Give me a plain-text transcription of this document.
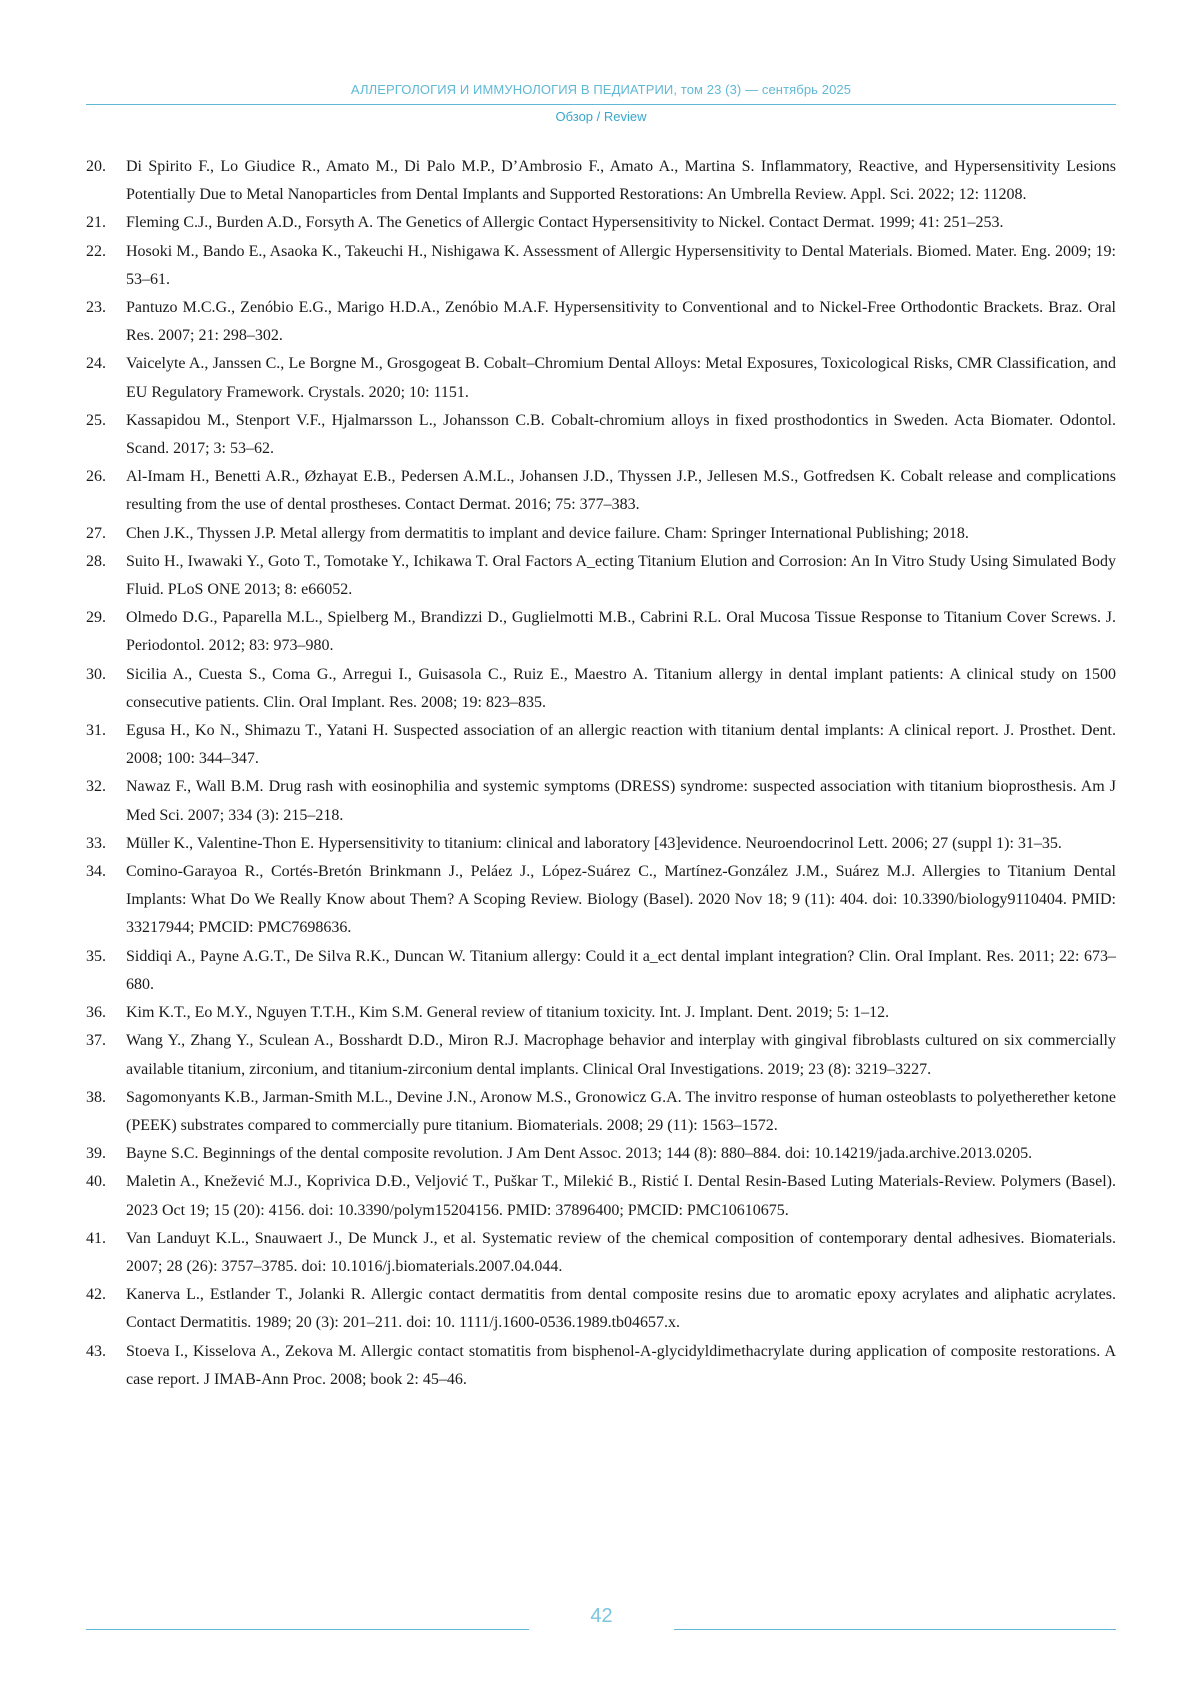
АЛЛЕРГОЛОГИЯ И ИММУНОЛОГИЯ В ПЕДИАТРИИ, том 23 (3) — сентябрь 2025
Обзор / Review
20.	Di Spirito F., Lo Giudice R., Amato M., Di Palo M.P., D’Ambrosio F., Amato A., Martina S. Inflammatory, Reactive, and Hypersensitivity Lesions Potentially Due to Metal Nanoparticles from Dental Implants and Supported Restorations: An Umbrella Review. Appl. Sci. 2022; 12: 11208.
21.	Fleming C.J., Burden A.D., Forsyth A. The Genetics of Allergic Contact Hypersensitivity to Nickel. Contact Dermat. 1999; 41: 251–253.
22.	Hosoki M., Bando E., Asaoka K., Takeuchi H., Nishigawa K. Assessment of Allergic Hypersensitivity to Dental Materials. Biomed. Mater. Eng. 2009; 19: 53–61.
23.	Pantuzo M.C.G., Zenóbio E.G., Marigo H.D.A., Zenóbio M.A.F. Hypersensitivity to Conventional and to Nickel-Free Orthodontic Brackets. Braz. Oral Res. 2007; 21: 298–302.
24.	Vaicelyte A., Janssen C., Le Borgne M., Grosgogeat B. Cobalt–Chromium Dental Alloys: Metal Exposures, Toxicological Risks, CMR Classification, and EU Regulatory Framework. Crystals. 2020; 10: 1151.
25.	Kassapidou M., Stenport V.F., Hjalmarsson L., Johansson C.B. Cobalt-chromium alloys in fixed prosthodontics in Sweden. Acta Biomater. Odontol. Scand. 2017; 3: 53–62.
26.	Al-Imam H., Benetti A.R., Øzhayat E.B., Pedersen A.M.L., Johansen J.D., Thyssen J.P., Jellesen M.S., Gotfredsen K. Cobalt release and complications resulting from the use of dental prostheses. Contact Dermat. 2016; 75: 377–383.
27.	Chen J.K., Thyssen J.P. Metal allergy from dermatitis to implant and device failure. Cham: Springer International Publishing; 2018.
28.	Suito H., Iwawaki Y., Goto T., Tomotake Y., Ichikawa T. Oral Factors A_ecting Titanium Elution and Corrosion: An In Vitro Study Using Simulated Body Fluid. PLoS ONE 2013; 8: e66052.
29.	Olmedo D.G., Paparella M.L., Spielberg M., Brandizzi D., Guglielmotti M.B., Cabrini R.L. Oral Mucosa Tissue Response to Titanium Cover Screws. J. Periodontol. 2012; 83: 973–980.
30.	Sicilia A., Cuesta S., Coma G., Arregui I., Guisasola C., Ruiz E., Maestro A. Titanium allergy in dental implant patients: A clinical study on 1500 consecutive patients. Clin. Oral Implant. Res. 2008; 19: 823–835.
31.	Egusa H., Ko N., Shimazu T., Yatani H. Suspected association of an allergic reaction with titanium dental implants: A clinical report. J. Prosthet. Dent. 2008; 100: 344–347.
32.	Nawaz F., Wall B.M. Drug rash with eosinophilia and systemic symptoms (DRESS) syndrome: suspected association with titanium bioprosthesis. Am J Med Sci. 2007; 334 (3): 215–218.
33.	Müller K., Valentine-Thon E. Hypersensitivity to titanium: clinical and laboratory [43]evidence. Neuroendocrinol Lett. 2006; 27 (suppl 1): 31–35.
34.	Comino-Garayoa R., Cortés-Bretón Brinkmann J., Peláez J., López-Suárez C., Martínez-González J.M., Suárez M.J. Allergies to Titanium Dental Implants: What Do We Really Know about Them? A Scoping Review. Biology (Basel). 2020 Nov 18; 9 (11): 404. doi: 10.3390/biology9110404. PMID: 33217944; PMCID: PMC7698636.
35.	Siddiqi A., Payne A.G.T., De Silva R.K., Duncan W. Titanium allergy: Could it a_ect dental implant integration? Clin. Oral Implant. Res. 2011; 22: 673–680.
36.	Kim K.T., Eo M.Y., Nguyen T.T.H., Kim S.M. General review of titanium toxicity. Int. J. Implant. Dent. 2019; 5: 1–12.
37.	Wang Y., Zhang Y., Sculean A., Bosshardt D.D., Miron R.J. Macrophage behavior and interplay with gingival fibroblasts cultured on six commercially available titanium, zirconium, and titanium-zirconium dental implants. Clinical Oral Investigations. 2019; 23 (8): 3219–3227.
38.	Sagomonyants K.B., Jarman-Smith M.L., Devine J.N., Aronow M.S., Gronowicz G.A. The invitro response of human osteoblasts to polyetherether ketone (PEEK) substrates compared to commercially pure titanium. Biomaterials. 2008; 29 (11): 1563–1572.
39.	Bayne S.C. Beginnings of the dental composite revolution. J Am Dent Assoc. 2013; 144 (8): 880–884. doi: 10.14219/jada.archive.2013.0205.
40.	Maletin A., Knežević M.J., Koprivica D.Đ., Veljović T., Puškar T., Milekić B., Ristić I. Dental Resin-Based Luting Materials-Review. Polymers (Basel). 2023 Oct 19; 15 (20): 4156. doi: 10.3390/polym15204156. PMID: 37896400; PMCID: PMC10610675.
41.	Van Landuyt K.L., Snauwaert J., De Munck J., et al. Systematic review of the chemical composition of contemporary dental adhesives. Biomaterials. 2007; 28 (26): 3757–3785. doi: 10.1016/j.biomaterials.2007.04.044.
42.	Kanerva L., Estlander T., Jolanki R. Allergic contact dermatitis from dental composite resins due to aromatic epoxy acrylates and aliphatic acrylates. Contact Dermatitis. 1989; 20 (3): 201–211. doi: 10. 1111/j.1600-0536.1989.tb04657.x.
43.	Stoeva I., Kisselova A., Zekova M. Allergic contact stomatitis from bisphenol-A-glycidyldimethacrylate during application of composite restorations. A case report. J IMAB-Ann Proc. 2008; book 2: 45–46.
42
